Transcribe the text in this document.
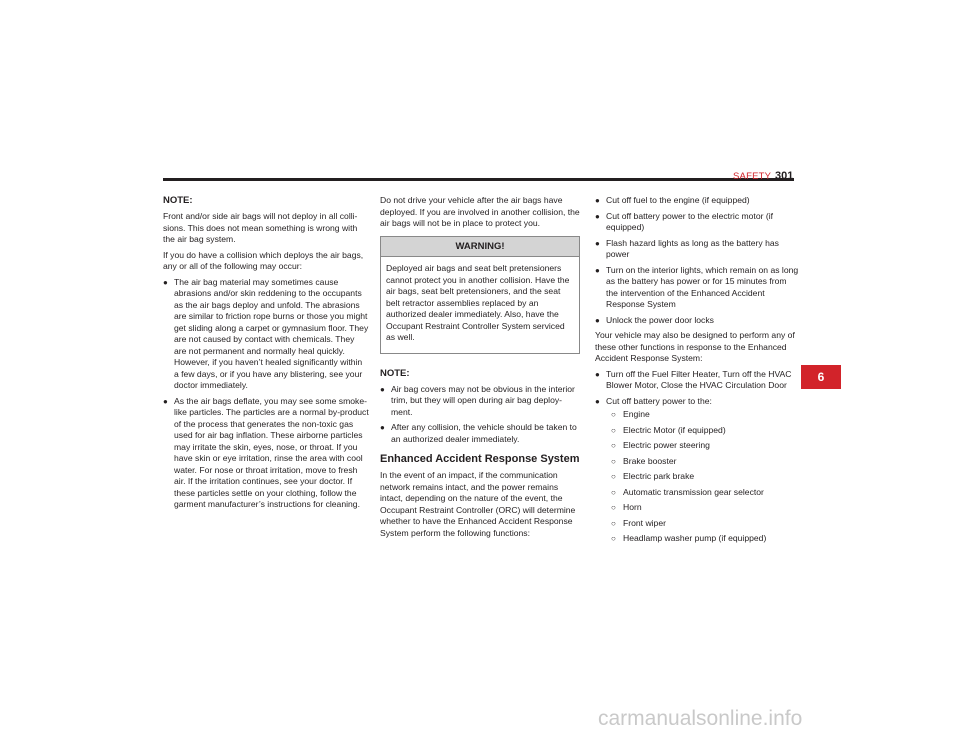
SAFETY 301

NOTE:

Front and/or side air bags will not deploy in all collisions. This does not mean something is wrong with the air bag system.

If you do have a collision which deploys the air bags, any or all of the following may occur:

● The air bag material may sometimes cause abrasions and/or skin reddening to the occupants as the air bags deploy and unfold. The abrasions are similar to friction rope burns or those you might get sliding along a carpet or gymnasium floor. They are not caused by contact with chemicals. They are not permanent and normally heal quickly. However, if you haven’t healed significantly within a few days, or if you have any blistering, see your doctor immediately.
● As the air bags deflate, you may see some smoke-like particles. The particles are a normal by-product of the process that generates the non-toxic gas used for air bag inflation. These airborne particles may irritate the skin, eyes, nose, or throat. If you have skin or eye irritation, rinse the area with cool water. For nose or throat irritation, move to fresh air. If the irritation continues, see your doctor. If these particles settle on your clothing, follow the garment manufacturer’s instructions for cleaning.

Do not drive your vehicle after the air bags have deployed. If you are involved in another collision, the air bags will not be in place to protect you.

WARNING!

Deployed air bags and seat belt pretensioners cannot protect you in another collision. Have the air bags, seat belt pretensioners, and the seat belt retractor assemblies replaced by an authorized dealer immediately. Also, have the Occupant Restraint Controller System serviced as well.

NOTE:

● Air bag covers may not be obvious in the interior trim, but they will open during air bag deployment.
● After any collision, the vehicle should be taken to an authorized dealer immediately.
Enhanced Accident Response System

In the event of an impact, if the communication network remains intact, and the power remains intact, depending on the nature of the event, the Occupant Restraint Controller (ORC) will determine whether to have the Enhanced Accident Response System perform the following functions:

● Cut off fuel to the engine (if equipped)
● Cut off battery power to the electric motor (if equipped)
● Flash hazard lights as long as the battery has power
● Turn on the interior lights, which remain on as long as the battery has power or for 15 minutes from the intervention of the Enhanced Accident Response System
● Unlock the power door locks

Your vehicle may also be designed to perform any of these other functions in response to the Enhanced Accident Response System:

● Turn off the Fuel Filter Heater, Turn off the HVAC Blower Motor, Close the HVAC Circulation Door
● Cut off battery power to the:
○ Engine
○ Electric Motor (if equipped)
○ Electric power steering
○ Brake booster
○ Electric park brake
○ Automatic transmission gear selector
○ Horn
○ Front wiper
○ Headlamp washer pump (if equipped)
6
carmanualsonline.info
